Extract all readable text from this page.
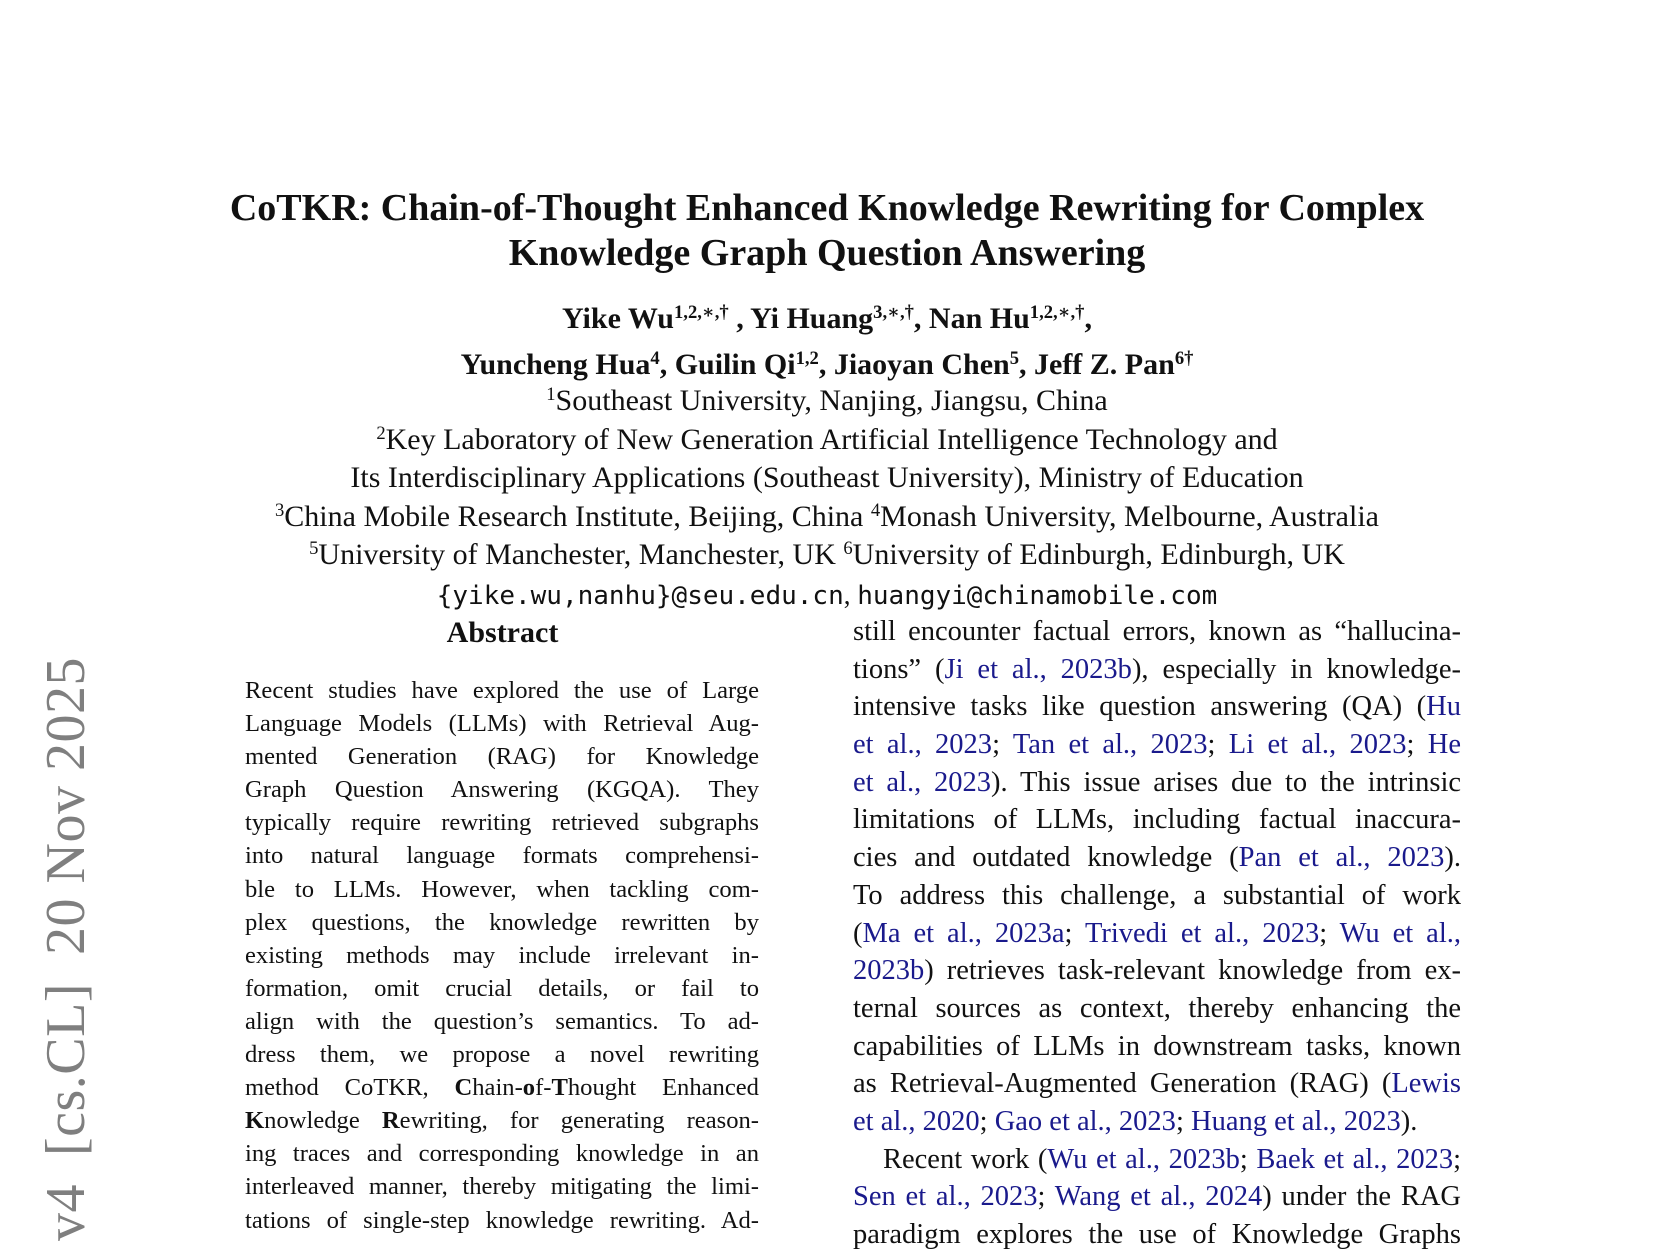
v4[cs.CL]20 Nov 2025
CoTKR: Chain-of-Thought Enhanced Knowledge Rewriting for Complex
Knowledge Graph Question Answering
Yike $Wu^{1,2,∗,\dagger}$ , Yi Huang$^{3,∗,\dagger}$, Nan $Hu^{1,2,∗,\dagger}$,
Yuncheng Hua$^4$, Guilin Qi$^{1,2}$, Jiaoyan Chen$^5$, Jeff Z. Pan$^{6\dagger}$
$^1$Southeast University, Nanjing, Jiangsu, China
$^2$Key Laboratory of New Generation Artificial Intelligence Technology and
Its Interdisciplinary Applications (Southeast University), Ministry of Education
$^3$China Mobile Research Institute, Beijing, China $^4$Monash University, Melbourne, Australia
$^5$University of Manchester, Manchester, UK $^6$University of Edinburgh, Edinburgh, UK
{yike.wu,nanhu}@seu.edu.cn, huangyi@chinamobile.com
Abstract
Recent studies have explored the use of Large
Language Models (LLMs) with Retrieval Aug-
mented Generation (RAG) for Knowledge
Graph Question Answering (KGQA). They
typically require rewriting retrieved subgraphs
into natural language formats comprehensi-
ble to LLMs. However, when tackling com-
plex questions, the knowledge rewritten by
existing methods may include irrelevant in-
formation, omit crucial details, or fail to
align with the question’s semantics. To ad-
dress them, we propose a novel rewriting
method CoTKR, Chain-of-Thought Enhanced
Knowledge Rewriting, for generating reason-
ing traces and corresponding knowledge in an
interleaved manner, thereby mitigating the limi-
tations of single-step knowledge rewriting. Ad-
still encounter factual errors, known as “hallucina-
tions” (Ji et al., 2023b), especially in knowledge-
intensive tasks like question answering (QA) (Hu
et al., 2023; Tan et al., 2023; Li et al., 2023; He
et al., 2023). This issue arises due to the intrinsic
limitations of LLMs, including factual inaccura-
cies and outdated knowledge (Pan et al., 2023).
To address this challenge, a substantial of work
(Ma et al., 2023a; Trivedi et al., 2023; Wu et al.,
2023b) retrieves task-relevant knowledge from ex-
ternal sources as context, thereby enhancing the
capabilities of LLMs in downstream tasks, known
as Retrieval-Augmented Generation (RAG) (Lewis
et al., 2020; Gao et al., 2023; Huang et al., 2023).
Recent work (Wu et al., 2023b; Baek et al., 2023;
Sen et al., 2023; Wang et al., 2024) under the RAG
paradigm explores the use of Knowledge Graphs
